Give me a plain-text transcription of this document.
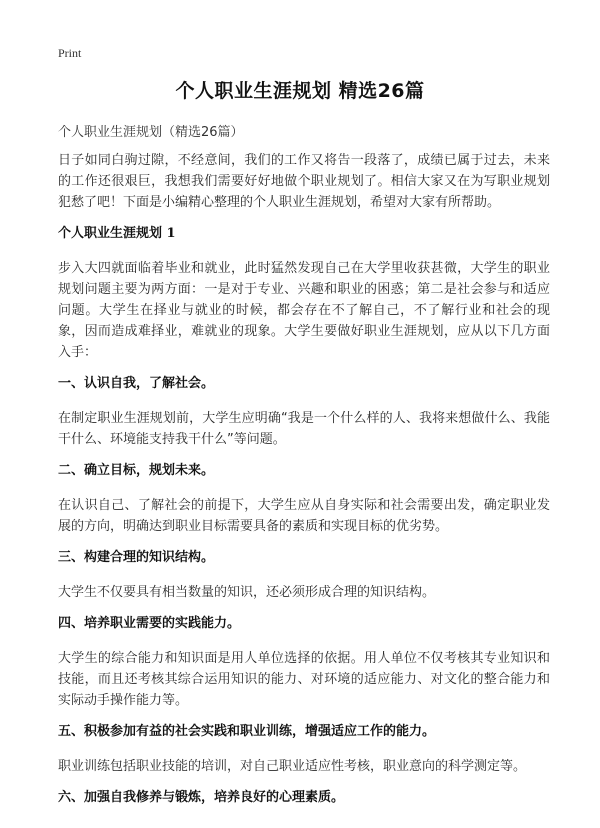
Print
个人职业生涯规划 精选26篇
个人职业生涯规划（精选26篇）

日子如同白驹过隙，不经意间，我们的工作又将告一段落了，成绩已属于过去，未来的工作还很艰巨，我想我们需要好好地做个职业规划了。相信大家又在为写职业规划犯愁了吧！下面是小编精心整理的个人职业生涯规划，希望对大家有所帮助。

个人职业生涯规划 1

步入大四就面临着毕业和就业，此时猛然发现自己在大学里收获甚微，大学生的职业规划问题主要为两方面：一是对于专业、兴趣和职业的困惑；第二是社会参与和适应问题。大学生在择业与就业的时候，都会存在不了解自己，不了解行业和社会的现象，因而造成难择业，难就业的现象。大学生要做好职业生涯规划，应从以下几方面入手：

一、认识自我，了解社会。

在制定职业生涯规划前，大学生应明确“我是一个什么样的人、我将来想做什么、我能干什么、环境能支持我干什么”等问题。

二、确立目标，规划未来。

在认识自己、了解社会的前提下，大学生应从自身实际和社会需要出发，确定职业发展的方向，明确达到职业目标需要具备的素质和实现目标的优劣势。

三、构建合理的知识结构。

大学生不仅要具有相当数量的知识，还必须形成合理的知识结构。

四、培养职业需要的实践能力。

大学生的综合能力和知识面是用人单位选择的依据。用人单位不仅考核其专业知识和技能，而且还考核其综合运用知识的能力、对环境的适应能力、对文化的整合能力和实际动手操作能力等。

五、积极参加有益的社会实践和职业训练，增强适应工作的能力。

职业训练包括职业技能的培训，对自己职业适应性考核，职业意向的科学测定等。

六、加强自我修养与锻炼，培养良好的心理素质。
